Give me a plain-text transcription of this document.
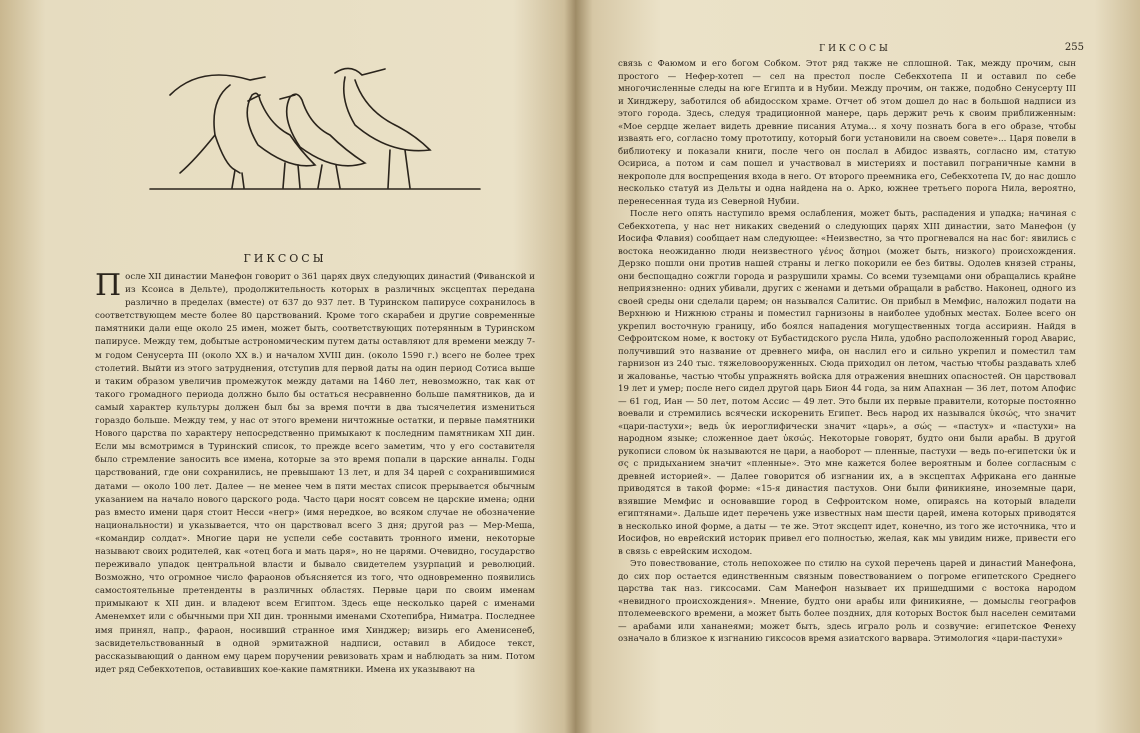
ГИКСОСЫ
П осле XII династии Манефон говорит о 361 царях двух следующих династий (Фиванской и из Ксоиса в Дельте), продолжительность которых в различных эксцептах передана различно в пределах (вместе) от 637 до 937 лет. В Туринском папирусе сохранилось в соответствующем месте более 80 царствований. Кроме того скарабеи и другие современные памятники дали еще около 25 имен, может быть, соответствующих потерянным в Туринском папирусе. Между тем, добытые астрономическим путем даты оставляют для времени между 7-м годом Сенусерта III (около XX в.) и началом XVIII дин. (около 1590 г.) всего не более трех столетий. Выйти из этого затруднения, отступив для первой даты на один период Сотиса выше и таким образом увеличив промежуток между датами на 1460 лет, невозможно, так как от такого громадного периода должно было бы остаться несравненно больше памятников, да и самый характер культуры должен был бы за время почти в два тысячелетия измениться гораздо больше. Между тем, у нас от этого времени ничтожные остатки, и первые памятники Нового царства по характеру непосредственно примыкают к последним памятникам XII дин. Если мы всмотримся в Туринский список, то прежде всего заметим, что у его составителя было стремление заносить все имена, которые за это время попали в царские анналы. Годы царствований, где они сохранились, не превышают 13 лет, и для 34 царей с сохранившимися датами — около 100 лет. Далее — не менее чем в пяти местах список прерывается обычным указанием на начало нового царского рода. Часто цари носят совсем не царские имена; одни раз вместо имени царя стоит Несси «негр» (имя нередкое, во всяком случае не обозначение национальности) и указывается, что он царствовал всего 3 дня; другой раз — Мер-Меша, «командир солдат». Многие цари не успели себе составить тронного имени, некоторые называют своих родителей, как «отец бога и мать царя», но не царями. Очевидно, государство переживало упадок центральной власти и бывало свидетелем узурпаций и революций. Возможно, что огромное число фараонов объясняется из того, что одновременно появились самостоятельные претенденты в различных областях. Первые цари по своим именам примыкают к XII дин. и владеют всем Египтом. Здесь еще несколько царей с именами Аменемхет или с обычными при XII дин. тронными именами Схотепибра, Ниматра. Последнее имя принял, напр., фараон, носивший странное имя Хинджер; визирь его Аменисенеб, засвидетельствованный в одной эрмитажной надписи, оставил в Абидосе текст, рассказывающий о данном ему царем поручении ревизовать храм и наблюдать за ним. Потом идет ряд Себекхотепов, оставивших кое-какие памятники. Имена их указывают на
ГИКСОСЫ	255

связь с Фаюмом и его богом Собком. Этот ряд также не сплошной. Так, между прочим, сын простого — Нефер-хотеп — сел на престол после Себекхотепа II и оставил по себе многочисленные следы на юге Египта и в Нубии. Между прочим, он также, подобно Сенусерту III и Хинджеру, заботился об абидосском храме. Отчет об этом дошел до нас в большой надписи из этого города. Здесь, следуя традиционной манере, царь держит речь к своим приближенным: «Мое сердце желает видеть древние писания Атума... я хочу познать бога в его образе, чтобы изваять его, согласно тому прототипу, который боги установили на своем совете»... Царя повели в библиотеку и показали книги, после чего он послал в Абидос изваять, согласно им, статую Осириса, а потом и сам пошел и участвовал в мистериях и поставил пограничные камни в некрополе для воспрещения входа в него. От второго преемника его, Себекхотепа IV, до нас дошло несколько статуй из Дельты и одна найдена на о. Арко, южнее третьего порога Нила, вероятно, перенесенная туда из Северной Нубии.

После него опять наступило время ослабления, может быть, распадения и упадка; начиная с Себекхотепа, у нас нет никаких сведений о следующих царях XIII династии, зато Манефон (у Иосифа Флавия) сообщает нам следующее: «Неизвестно, за что прогневался на нас бог: явились с востока неожиданно люди неизвестного γένος ἄσημοι (может быть, низкого) происхождения. Дерзко пошли они против нашей страны и легко покорили ее без битвы. Одолев князей страны, они беспощадно сожгли города и разрушили храмы. Со всеми туземцами они обращались крайне неприязненно: одних убивали, других с женами и детьми обращали в рабство. Наконец, одного из своей среды они сделали царем; он назывался Салитис. Он прибыл в Мемфис, наложил подати на Верхнюю и Нижнюю страны и поместил гарнизоны в наиболее удобных местах. Более всего он укрепил восточную границу, ибо боялся нападения могущественных тогда ассириян. Найдя в Сефроитском номе, к востоку от Бубастидского русла Нила, удобно расположенный город Аварис, получивший это название от древнего мифа, он наслил его и сильно укрепил и поместил там гарнизон из 240 тыс. тяжеловооруженных. Сюда приходил он летом, частью чтобы раздавать хлеб и жалованье, частью чтобы упражнять войска для отражения внешних опасностей. Он царствовал 19 лет и умер; после него сидел другой царь Бион 44 года, за ним Апахнан — 36 лет, потом Апофис — 61 год, Иан — 50 лет, потом Ассис — 49 лет. Это были их первые правители, которые постоянно воевали и стремились всячески искоренить Египет. Весь народ их назывался ὑκσώς, что значит «цари-пастухи»; ведь ὑκ иероглифически значит «царь», а σώς — «пастух» и «пастухи» на народном языке; сложенное дает ὑκσώς. Некоторые говорят, будто они были арабы. В другой рукописи словом ὑκ называются не цари, а наоборот — пленные, пастухи — ведь по-египетски ὑκ и σς с придыханием значит «пленные». Это мне кажется более вероятным и более согласным с древней историей». — Далее говорится об изгнании их, а в эксцептах Африкана его данные приводятся в такой форме: «15-я династия пастухов. Они были финикияне, иноземные цари, взявшие Мемфис и основавшие город в Сефроитском номе, опираясь на который владели египтянами». Дальше идет перечень уже известных нам шести царей, имена которых приводятся в несколько иной форме, а даты — те же. Этот эксцепт идет, конечно, из того же источника, что и Иосифов, но еврейский историк привел его полностью, желая, как мы увидим ниже, привести его в связь с еврейским исходом.

Это повествование, столь непохожее по стилю на сухой перечень царей и династий Манефона, до сих пор остается единственным связным повествованием о погроме египетского Среднего царства так наз. гиксосами. Сам Манефон называет их пришедшими с востока народом «невидного происхождения». Мнение, будто они арабы или финикияне, — домыслы географов птолемеевского времени, а может быть более поздних, для которых Восток был населен семитами — арабами или хананеями; может быть, здесь играло роль и созвучие: египетское Фенеху означало в близкое к изгнанию гиксосов время азиатского варвара. Этимология «цари-пастухи»
